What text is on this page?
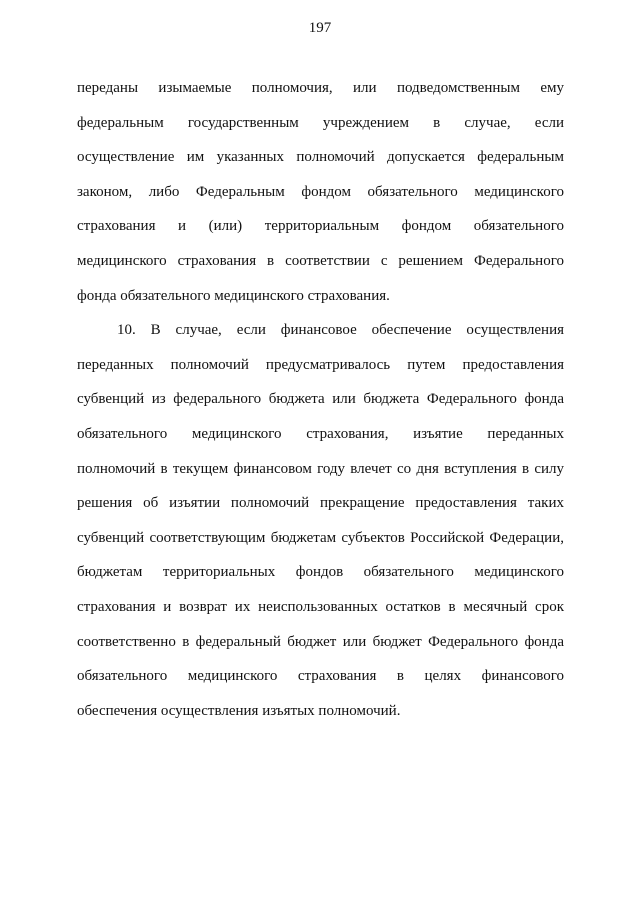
197
переданы изымаемые полномочия, или подведомственным ему
федеральным государственным учреждением в случае, если
осуществление им указанных полномочий допускается федеральным
законом, либо Федеральным фондом обязательного медицинского
страхования и (или) территориальным фондом обязательного
медицинского страхования в соответствии с решением Федерального
фонда обязательного медицинского страхования.
10. В случае, если финансовое обеспечение осуществления
переданных полномочий предусматривалось путем предоставления
субвенций из федерального бюджета или бюджета Федерального фонда
обязательного медицинского страхования, изъятие переданных
полномочий в текущем финансовом году влечет со дня вступления в силу
решения об изъятии полномочий прекращение предоставления таких
субвенций соответствующим бюджетам субъектов Российской Федерации,
бюджетам территориальных фондов обязательного медицинского
страхования и возврат их неиспользованных остатков в месячный срок
соответственно в федеральный бюджет или бюджет Федерального фонда
обязательного медицинского страхования в целях финансового
обеспечения осуществления изъятых полномочий.
